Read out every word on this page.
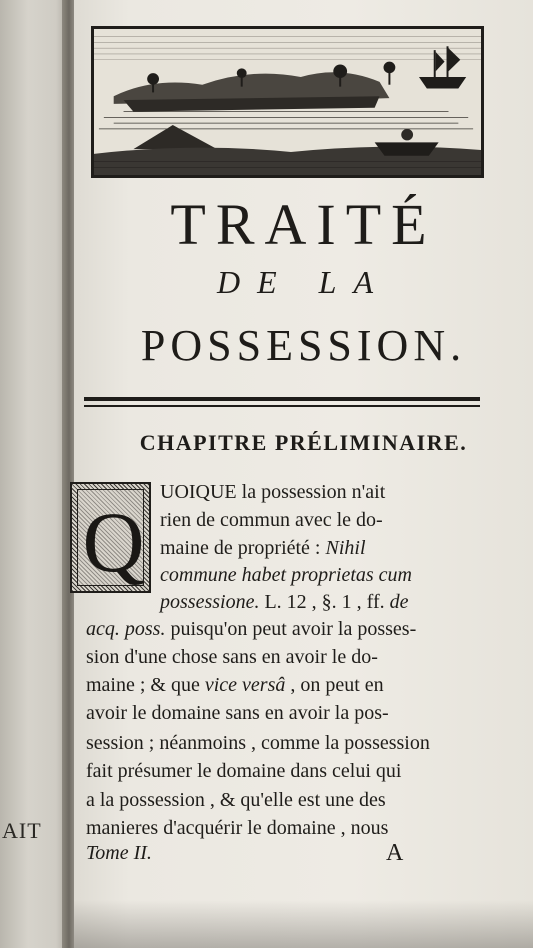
AIT
TRAITÉ
DE LA
POSSESSION.
CHAPITRE PRÉLIMINAIRE.
Q
UOIQUE la possession n'ait
rien de commun avec le do-
maine de propriété : Nihil
commune habet proprietas cum
possessione. L. 12 , §. 1 , ff. de
acq. poss. puisqu'on peut avoir la posses-
sion d'une chose sans en avoir le do-
maine ; & que vice versâ , on peut en
avoir le domaine sans en avoir la pos-
session ; néanmoins , comme la possession
fait présumer le domaine dans celui qui
a la possession , & qu'elle est une des
manieres d'acquérir le domaine , nous
Tome II.	A
